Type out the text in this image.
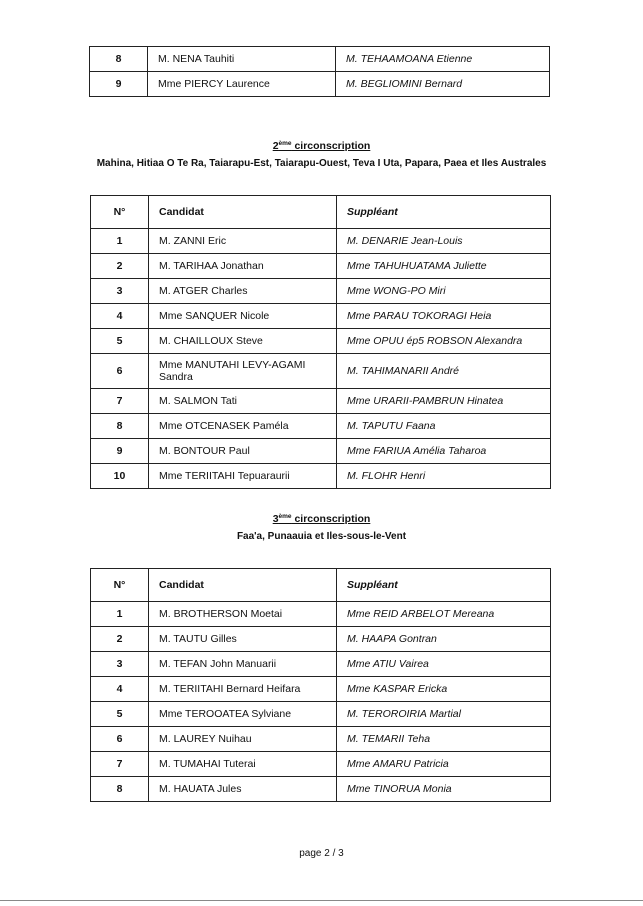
8	M. NENA Tauhiti	M. TEHAAMOANA Etienne
9	Mme PIERCY Laurence	M. BEGLIOMINI Bernard
2ème circonscription
Mahina, Hitiaa O Te Ra, Taiarapu-Est, Taiarapu-Ouest, Teva I Uta, Papara, Paea et Iles Australes
N°	Candidat	Suppléant
1	M. ZANNI Eric	M. DENARIE Jean-Louis
2	M. TARIHAA Jonathan	Mme TAHUHUATAMA Juliette
3	M. ATGER Charles	Mme WONG-PO Miri
4	Mme SANQUER Nicole	Mme PARAU TOKORAGI Heia
5	M. CHAILLOUX Steve	Mme OPUU ép5 ROBSON Alexandra
6	Mme MANUTAHI LEVY-AGAMI Sandra	M. TAHIMANARII André
7	M. SALMON Tati	Mme URARII-PAMBRUN Hinatea
8	Mme OTCENASEK Paméla	M. TAPUTU Faana
9	M. BONTOUR Paul	Mme FARIUA Amélia Taharoa
10	Mme TERIITAHI Tepuaraurii	M. FLOHR Henri
3ème circonscription
Faa'a, Punaauia et Iles-sous-le-Vent
N°	Candidat	Suppléant
1	M. BROTHERSON Moetai	Mme REID ARBELOT Mereana
2	M. TAUTU Gilles	M. HAAPA Gontran
3	M. TEFAN John Manuarii	Mme ATIU Vairea
4	M. TERIITAHI Bernard Heifara	Mme KASPAR Ericka
5	Mme TEROOATEA Sylviane	M. TEROROIRIA Martial
6	M. LAUREY Nuihau	M. TEMARII Teha
7	M. TUMAHAI Tuterai	Mme AMARU Patricia
8	M. HAUATA Jules	Mme TINORUA Monia
page 2 / 3
